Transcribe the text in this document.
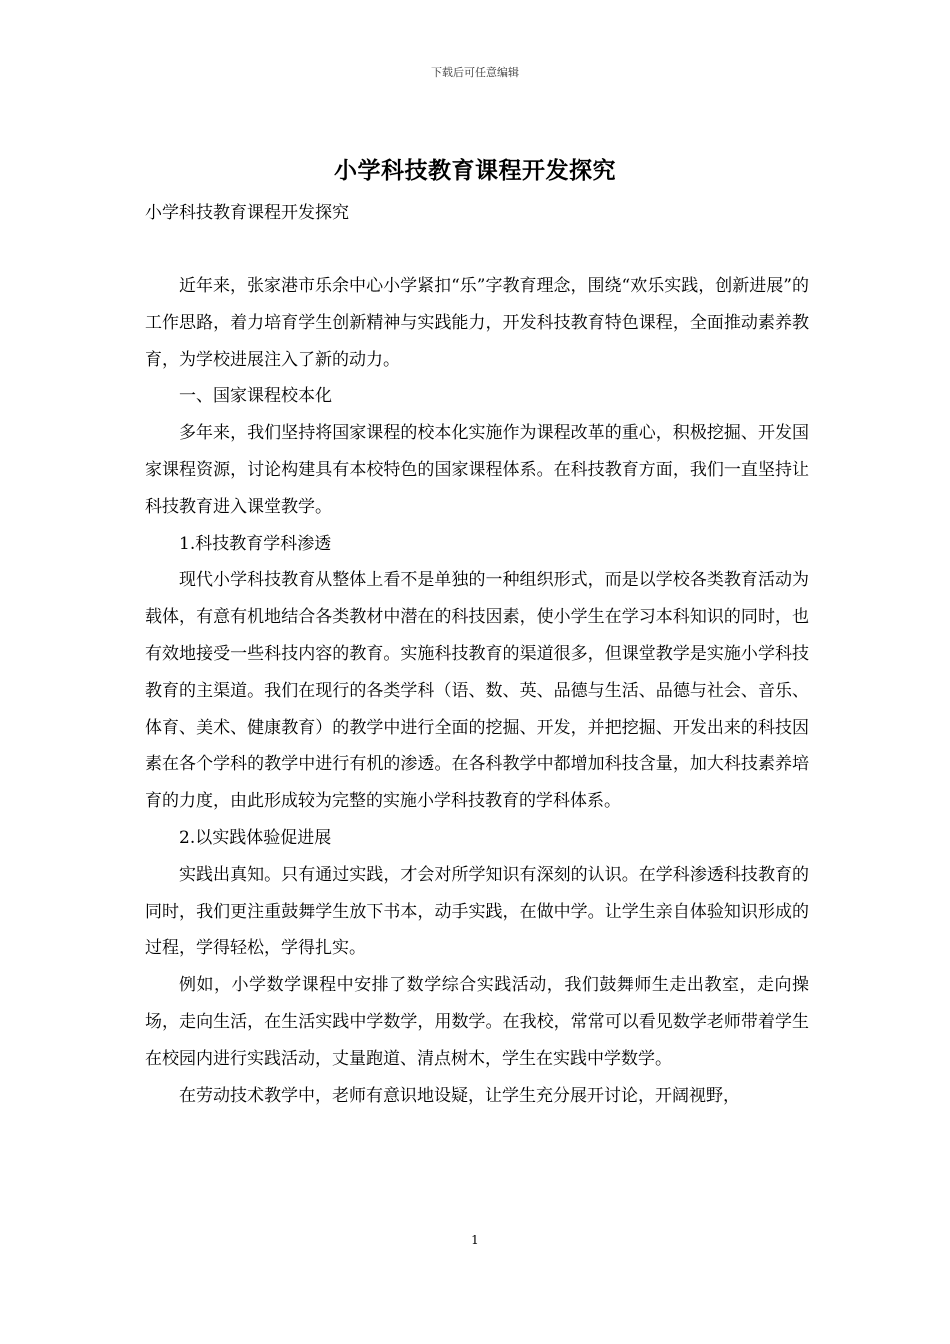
下载后可任意编辑
小学科技教育课程开发探究
小学科技教育课程开发探究

近年来，张家港市乐余中心小学紧扣“乐”字教育理念，围绕“欢乐实践，创新进展”的工作思路，着力培育学生创新精神与实践能力，开发科技教育特色课程，全面推动素养教育，为学校进展注入了新的动力。

一、国家课程校本化

多年来，我们坚持将国家课程的校本化实施作为课程改革的重心，积极挖掘、开发国家课程资源，讨论构建具有本校特色的国家课程体系。在科技教育方面，我们一直坚持让科技教育进入课堂教学。

1.科技教育学科渗透

现代小学科技教育从整体上看不是单独的一种组织形式，而是以学校各类教育活动为载体，有意有机地结合各类教材中潜在的科技因素，使小学生在学习本科知识的同时，也有效地接受一些科技内容的教育。实施科技教育的渠道很多，但课堂教学是实施小学科技教育的主渠道。我们在现行的各类学科（语、数、英、品德与生活、品德与社会、音乐、体育、美术、健康教育）的教学中进行全面的挖掘、开发，并把挖掘、开发出来的科技因素在各个学科的教学中进行有机的渗透。在各科教学中都增加科技含量，加大科技素养培育的力度，由此形成较为完整的实施小学科技教育的学科体系。

2.以实践体验促进展

实践出真知。只有通过实践，才会对所学知识有深刻的认识。在学科渗透科技教育的同时，我们更注重鼓舞学生放下书本，动手实践，在做中学。让学生亲自体验知识形成的过程，学得轻松，学得扎实。

例如，小学数学课程中安排了数学综合实践活动，我们鼓舞师生走出教室，走向操场，走向生活，在生活实践中学数学，用数学。在我校，常常可以看见数学老师带着学生在校园内进行实践活动，丈量跑道、清点树木，学生在实践中学数学。

在劳动技术教学中，老师有意识地设疑，让学生充分展开讨论，开阔视野，

1
